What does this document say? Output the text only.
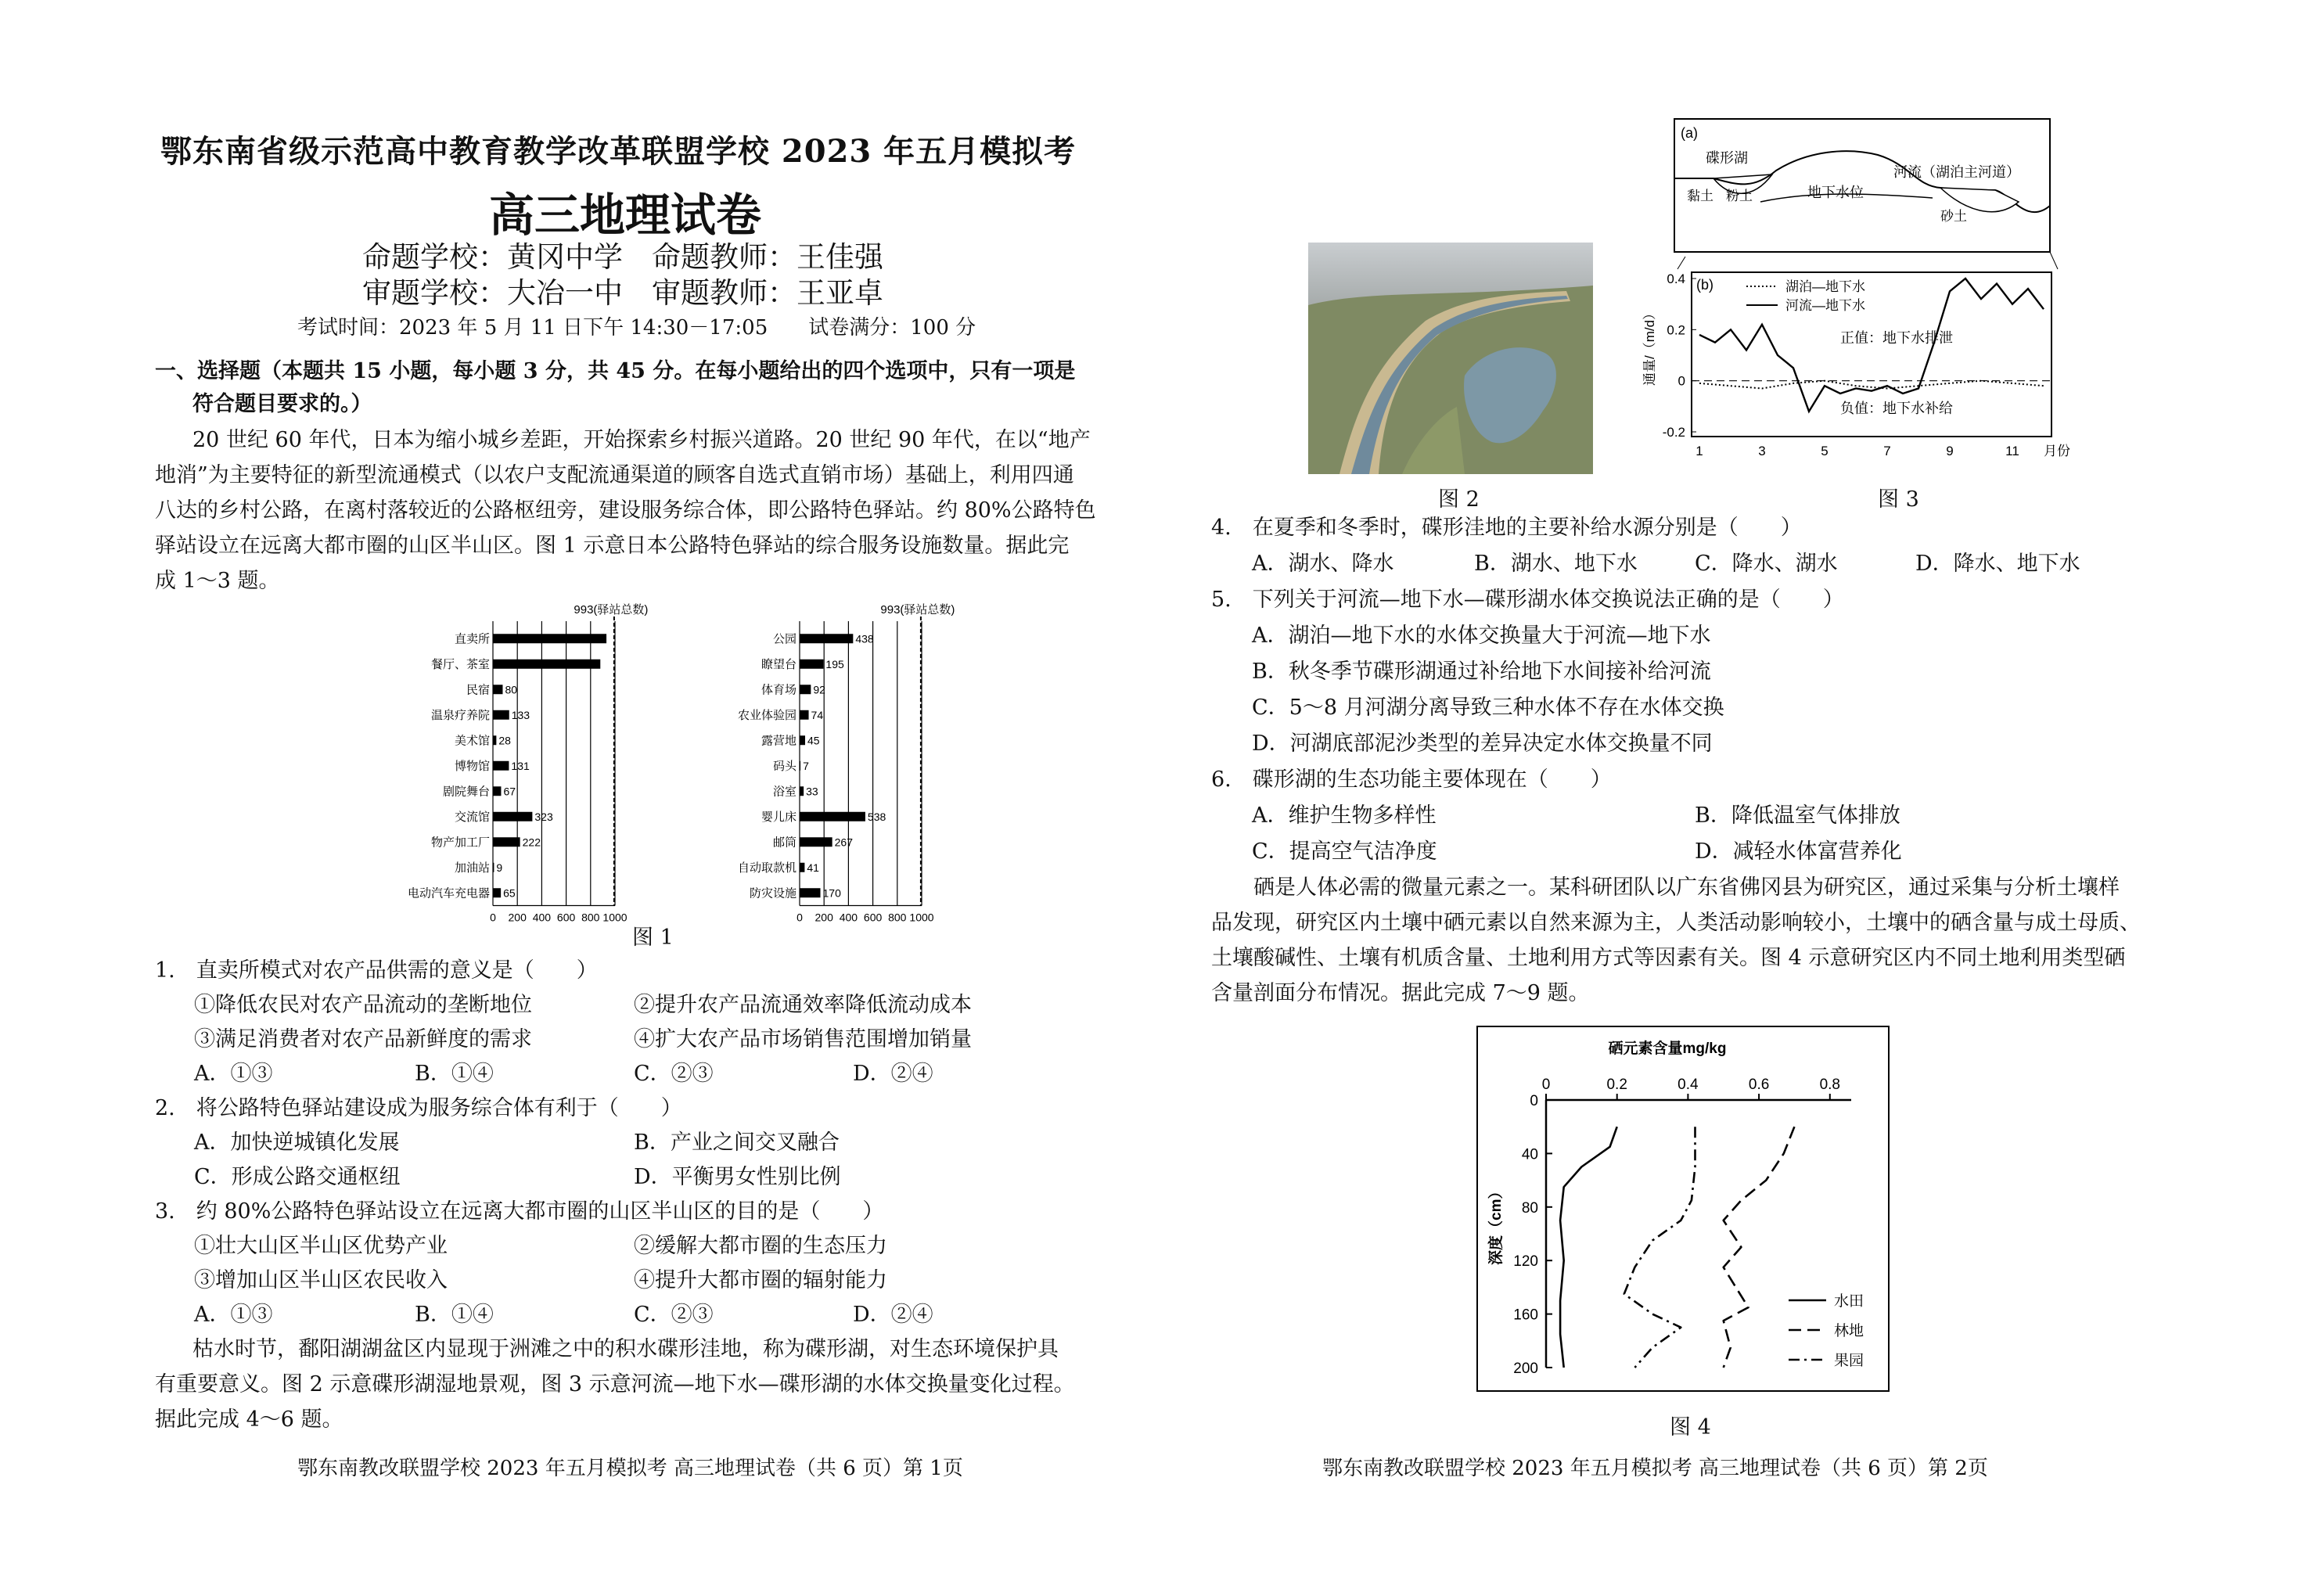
鄂东南省级示范高中教育教学改革联盟学校 2023 年五月模拟考
高三地理试卷
命题学校：黄冈中学　命题教师：王佳强
审题学校：大冶一中　审题教师：王亚卓
考试时间：2023 年 5 月 11 日下午 14:30－17:05　　试卷满分：100 分
一、选择题（本题共 15 小题，每小题 3 分，共 45 分。在每小题给出的四个选项中，只有一项是
符合题目要求的。）
20 世纪 60 年代，日本为缩小城乡差距，开始探索乡村振兴道路。20 世纪 90 年代，在以“地产
地消”为主要特征的新型流通模式（以农户支配流通渠道的顾客自选式直销市场）基础上，利用四通
八达的乡村公路，在离村落较近的公路枢纽旁，建设服务综合体，即公路特色驿站。约 80%公路特色
驿站设立在远离大都市圈的山区半山区。图 1 示意日本公路特色驿站的综合服务设施数量。据此完
成 1～3 题。
0 200 400 600 800 1000
993(驿站总数)
直卖所
餐厅、茶室
民宿 80
温泉疗养院 133
美术馆 28
博物馆 131
剧院舞台 67
交流馆	323
物产加工厂	222
加油站 9
电动汽车充电器 65
0 200 400 600 800 1000
993(驿站总数)
公园	438
瞭望台	195
体育场 92
农业体验园 74
露营地 45
码头 7
浴室 33
婴儿床	538
邮筒	267
自动取款机 41
防灾设施 170
图 1
1.　直卖所模式对农产品供需的意义是（　　）
①降低农民对农产品流动的垄断地位	②提升农产品流通效率降低流动成本
③满足消费者对农产品新鲜度的需求	④扩大农产品市场销售范围增加销量
A．①③	B．①④	C．②③	D．②④
2.　将公路特色驿站建设成为服务综合体有利于（　　）
A．加快逆城镇化发展	B．产业之间交叉融合
C．形成公路交通枢纽	D．平衡男女性别比例
3.　约 80%公路特色驿站设立在远离大都市圈的山区半山区的目的是（　　）
①壮大山区半山区优势产业	②缓解大都市圈的生态压力
③增加山区半山区农民收入	④提升大都市圈的辐射能力
A．①③	B．①④	C．②③	D．②④
枯水时节，鄱阳湖湖盆区内显现于洲滩之中的积水碟形洼地，称为碟形湖，对生态环境保护具
有重要意义。图 2 示意碟形湖湿地景观，图 3 示意河流—地下水—碟形湖的水体交换量变化过程。
据此完成 4～6 题。
鄂东南教改联盟学校 2023 年五月模拟考 高三地理试卷（共 6 页）第 1页
图 2
(a)
碟形湖
河流（湖泊主河道）
黏土 粉土	地下水位
砂土
(b)
0.4
0.2
0
-0.2
1	3	5	7	9	11 月份
通量/（m/d）
湖泊—地下水
河流—地下水
正值：地下水排泄
负值：地下水补给
图 3
4.　在夏季和冬季时，碟形洼地的主要补给水源分别是（　　）
A．湖水、降水	B．湖水、地下水	C．降水、湖水	D．降水、地下水
5.　下列关于河流—地下水—碟形湖水体交换说法正确的是（　　）
A．湖泊—地下水的水体交换量大于河流—地下水
B．秋冬季节碟形湖通过补给地下水间接补给河流
C．5～8 月河湖分离导致三种水体不存在水体交换
D．河湖底部泥沙类型的差异决定水体交换量不同
6.　碟形湖的生态功能主要体现在（　　）
A．维护生物多样性	B．降低温室气体排放
C．提高空气洁净度	D．减轻水体富营养化
硒是人体必需的微量元素之一。某科研团队以广东省佛冈县为研究区，通过采集与分析土壤样
品发现，研究区内土壤中硒元素以自然来源为主，人类活动影响较小，土壤中的硒含量与成土母质、
土壤酸碱性、土壤有机质含量、土地利用方式等因素有关。图 4 示意研究区内不同土地利用类型硒
含量剖面分布情况。据此完成 7～9 题。
硒元素含量mg/kg
0	0.2	0.4	0.6	0.8
0
40
80
120
160
200
深度（cm）
水田
林地
果园
图 4
鄂东南教改联盟学校 2023 年五月模拟考 高三地理试卷（共 6 页）第 2页
